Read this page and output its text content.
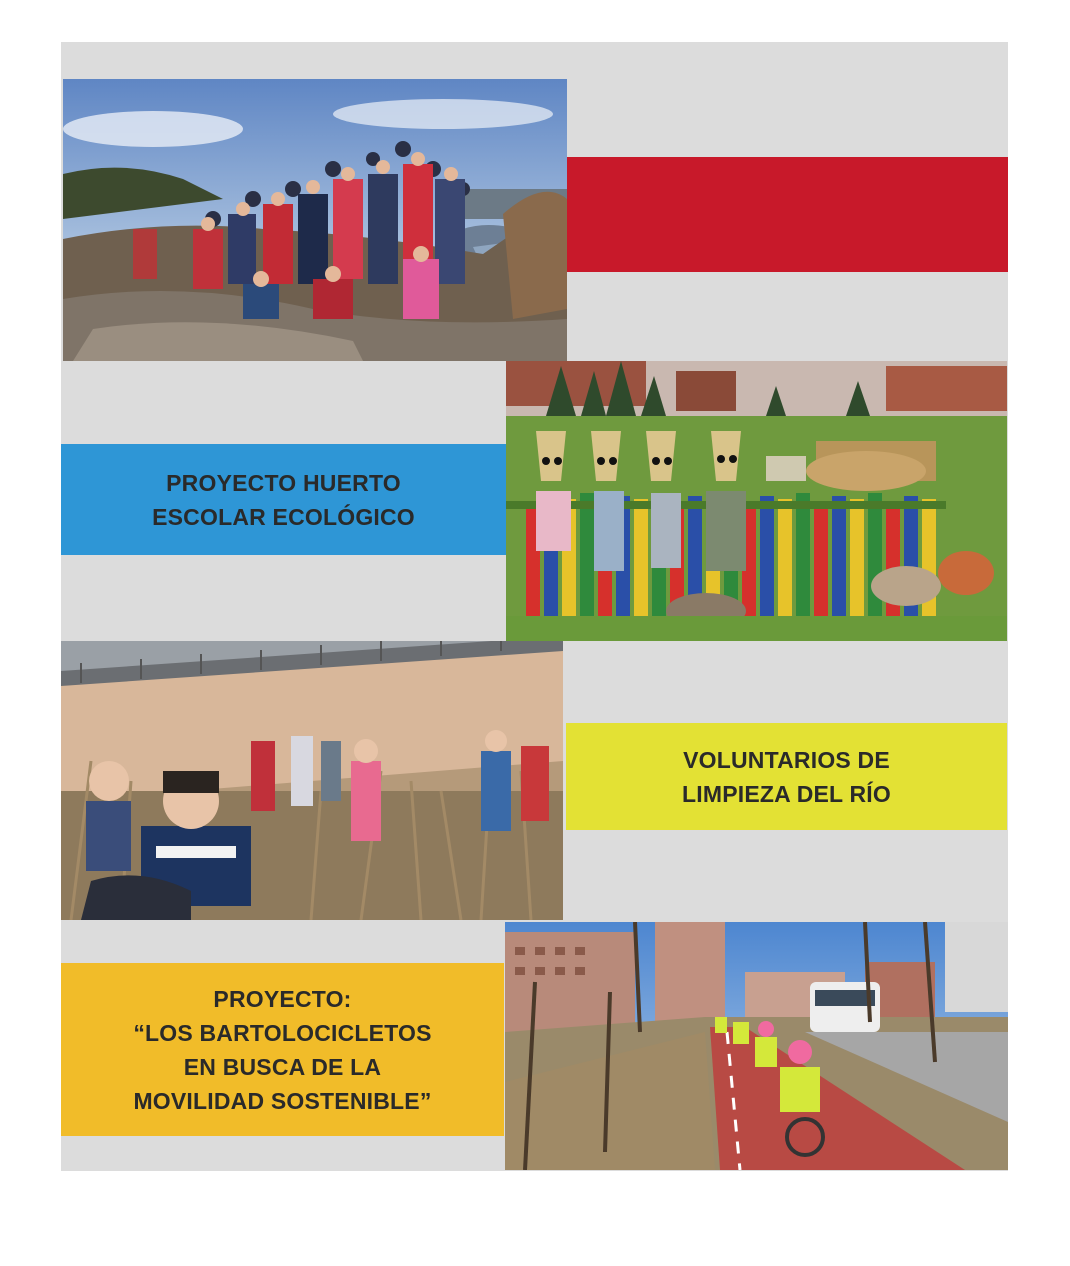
PROYECTO HUERTO
ESCOLAR ECOLÓGICO
VOLUNTARIOS DE
LIMPIEZA DEL RÍO
PROYECTO:
“LOS BARTOLOCICLETOS
EN BUSCA DE LA
MOVILIDAD SOSTENIBLE”
